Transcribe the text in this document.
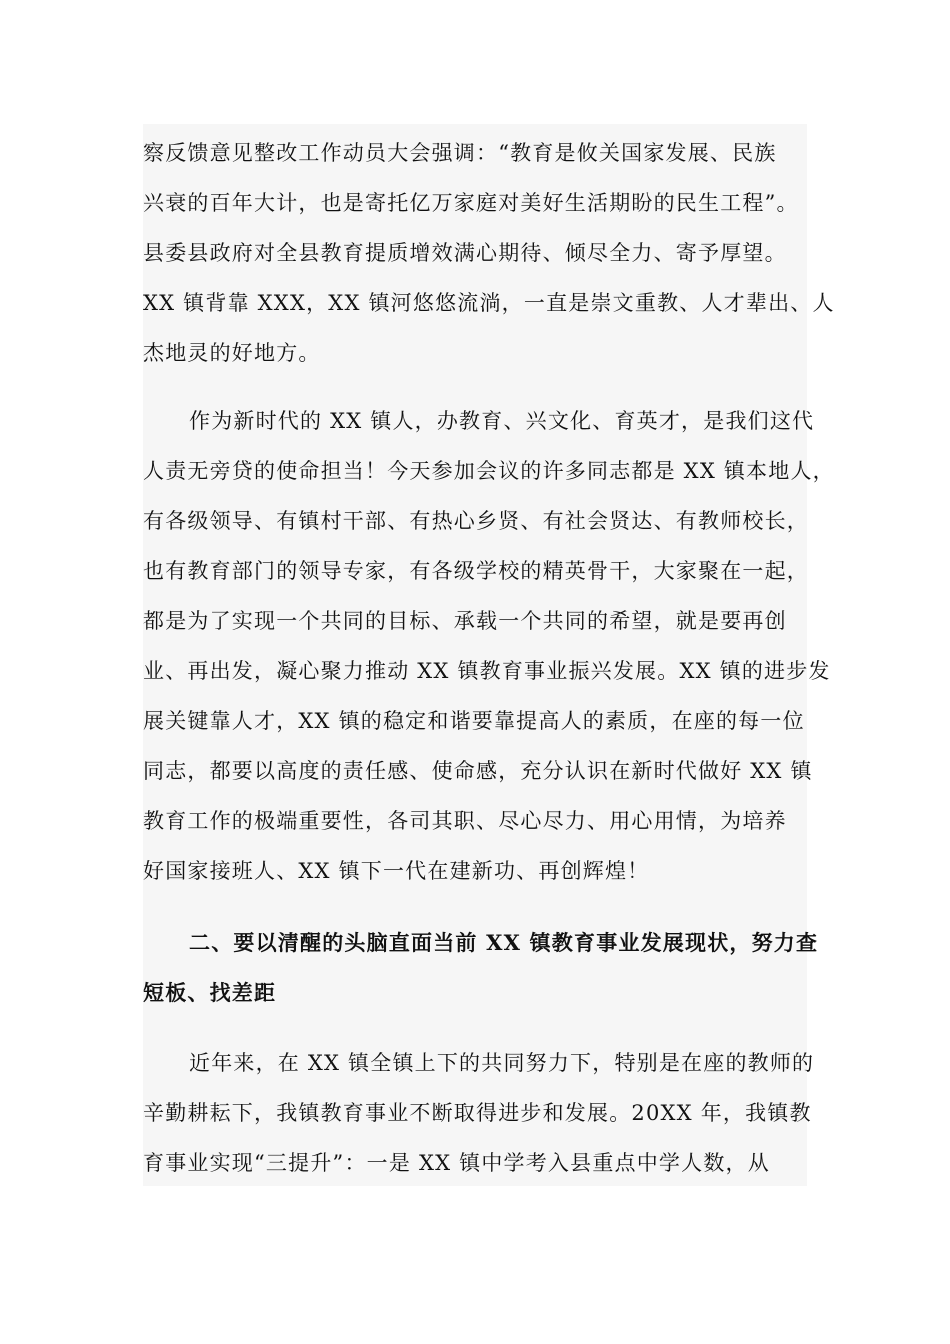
察反馈意见整改工作动员大会强调：“教育是攸关国家发展、民族
兴衰的百年大计，也是寄托亿万家庭对美好生活期盼的民生工程”。
县委县政府对全县教育提质增效满心期待、倾尽全力、寄予厚望。
XX 镇背靠 XXX，XX 镇河悠悠流淌，一直是崇文重教、人才辈出、人
杰地灵的好地方。
作为新时代的 XX 镇人，办教育、兴文化、育英才，是我们这代
人责无旁贷的使命担当！今天参加会议的许多同志都是 XX 镇本地人，
有各级领导、有镇村干部、有热心乡贤、有社会贤达、有教师校长，
也有教育部门的领导专家，有各级学校的精英骨干，大家聚在一起，
都是为了实现一个共同的目标、承载一个共同的希望，就是要再创
业、再出发，凝心聚力推动 XX 镇教育事业振兴发展。XX 镇的进步发
展关键靠人才，XX 镇的稳定和谐要靠提高人的素质，在座的每一位
同志，都要以高度的责任感、使命感，充分认识在新时代做好 XX 镇
教育工作的极端重要性，各司其职、尽心尽力、用心用情，为培养
好国家接班人、XX 镇下一代在建新功、再创辉煌！
二、要以清醒的头脑直面当前 XX 镇教育事业发展现状，努力查
短板、找差距
近年来，在 XX 镇全镇上下的共同努力下，特别是在座的教师的
辛勤耕耘下，我镇教育事业不断取得进步和发展。20XX 年，我镇教
育事业实现“三提升”：一是 XX 镇中学考入县重点中学人数，从
